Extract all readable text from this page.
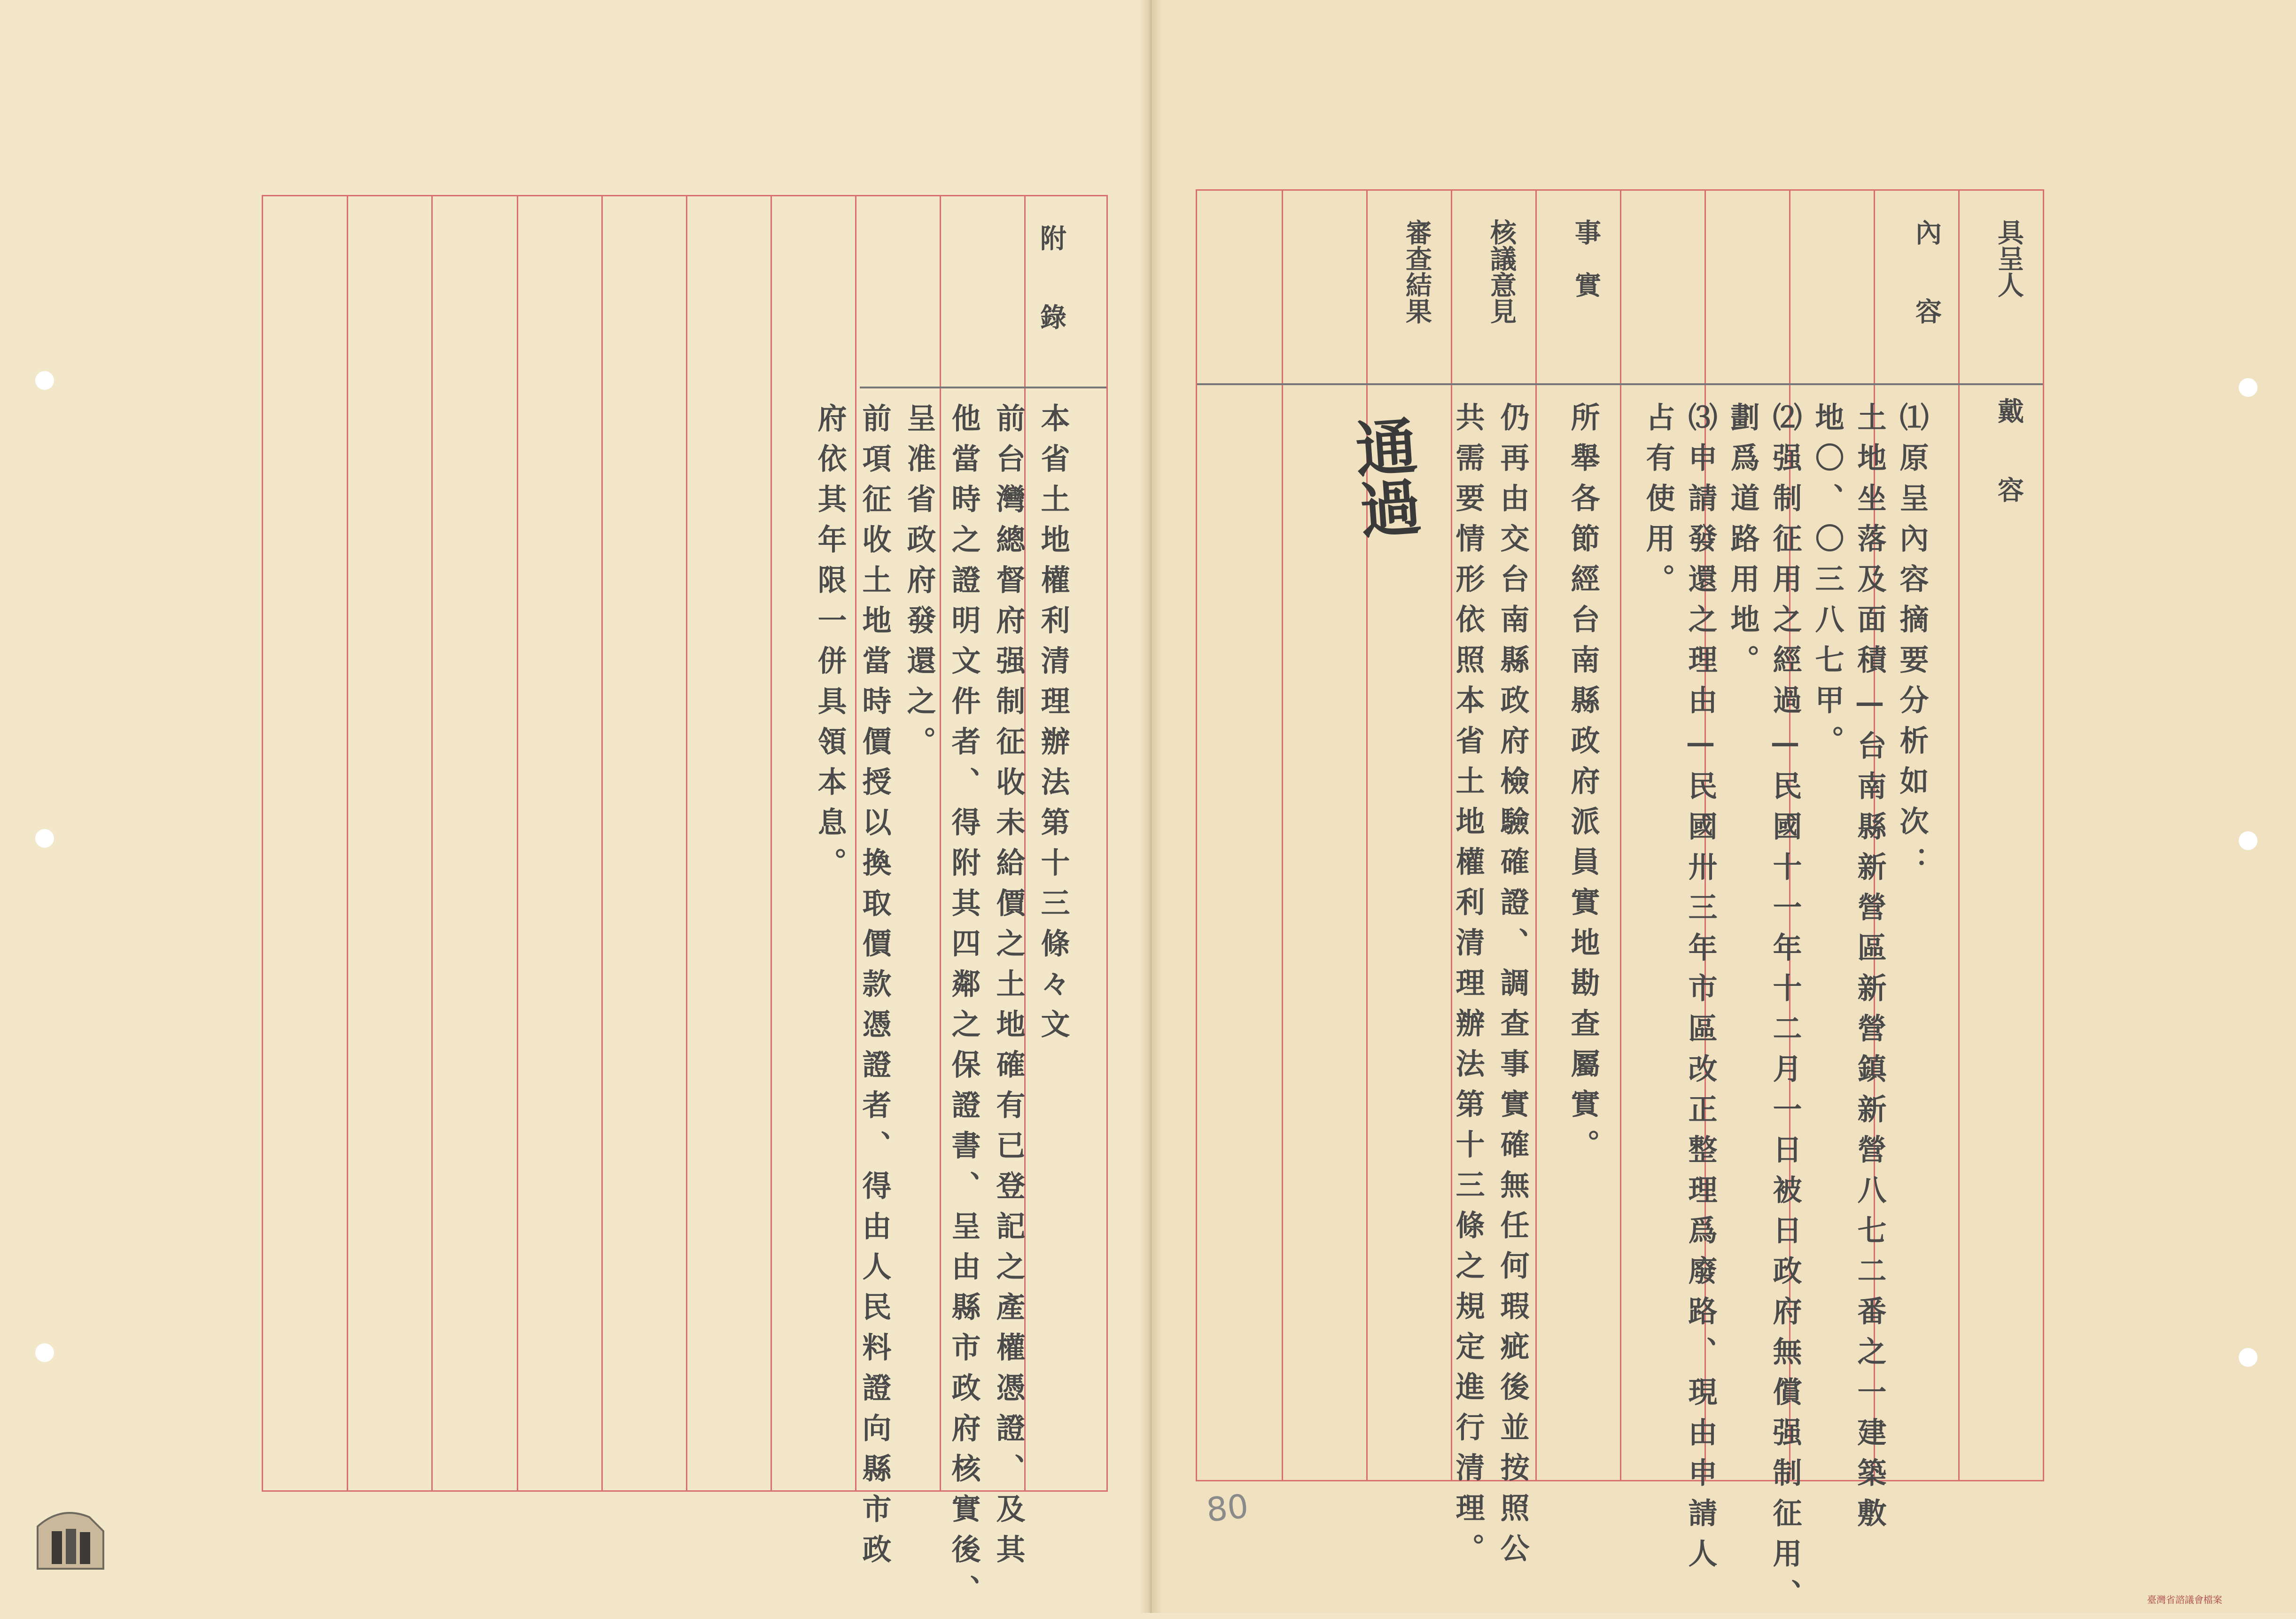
附　　錄
本省土地權利清理辦法第十三條々文
前台灣總督府强制征收未給價之土地確有已登記之產權憑證、及其
他當時之證明文件者、得附其四鄰之保證書、呈由縣市政府核實後、
呈准省政府發還之。
前項征收土地當時價授以換取價款憑證者、得由人民料證向縣市政
府依其年限一併具領本息。
具呈人
戴　　容
內　　容
事　實
核議意見
審查結果
⑴原呈內容摘要分析如次：
土地坐落及面積—台南縣新營區新營鎮新營八七二番之一建築敷
地〇、〇三八七甲。
⑵强制征用之經過—民國十一年十二月一日被日政府無償强制征用、
劃爲道路用地。
⑶申請發還之理由—民國卅三年市區改正整理爲廢路、現由申請人
占有使用。
所舉各節經台南縣政府派員實地勘查屬實。
仍再由交台南縣政府檢驗確證、調查事實確無任何瑕疵後並按照公
共需要情形依照本省土地權利清理辦法第十三條之規定進行清理。
通過
80
臺灣省諮議會檔案
